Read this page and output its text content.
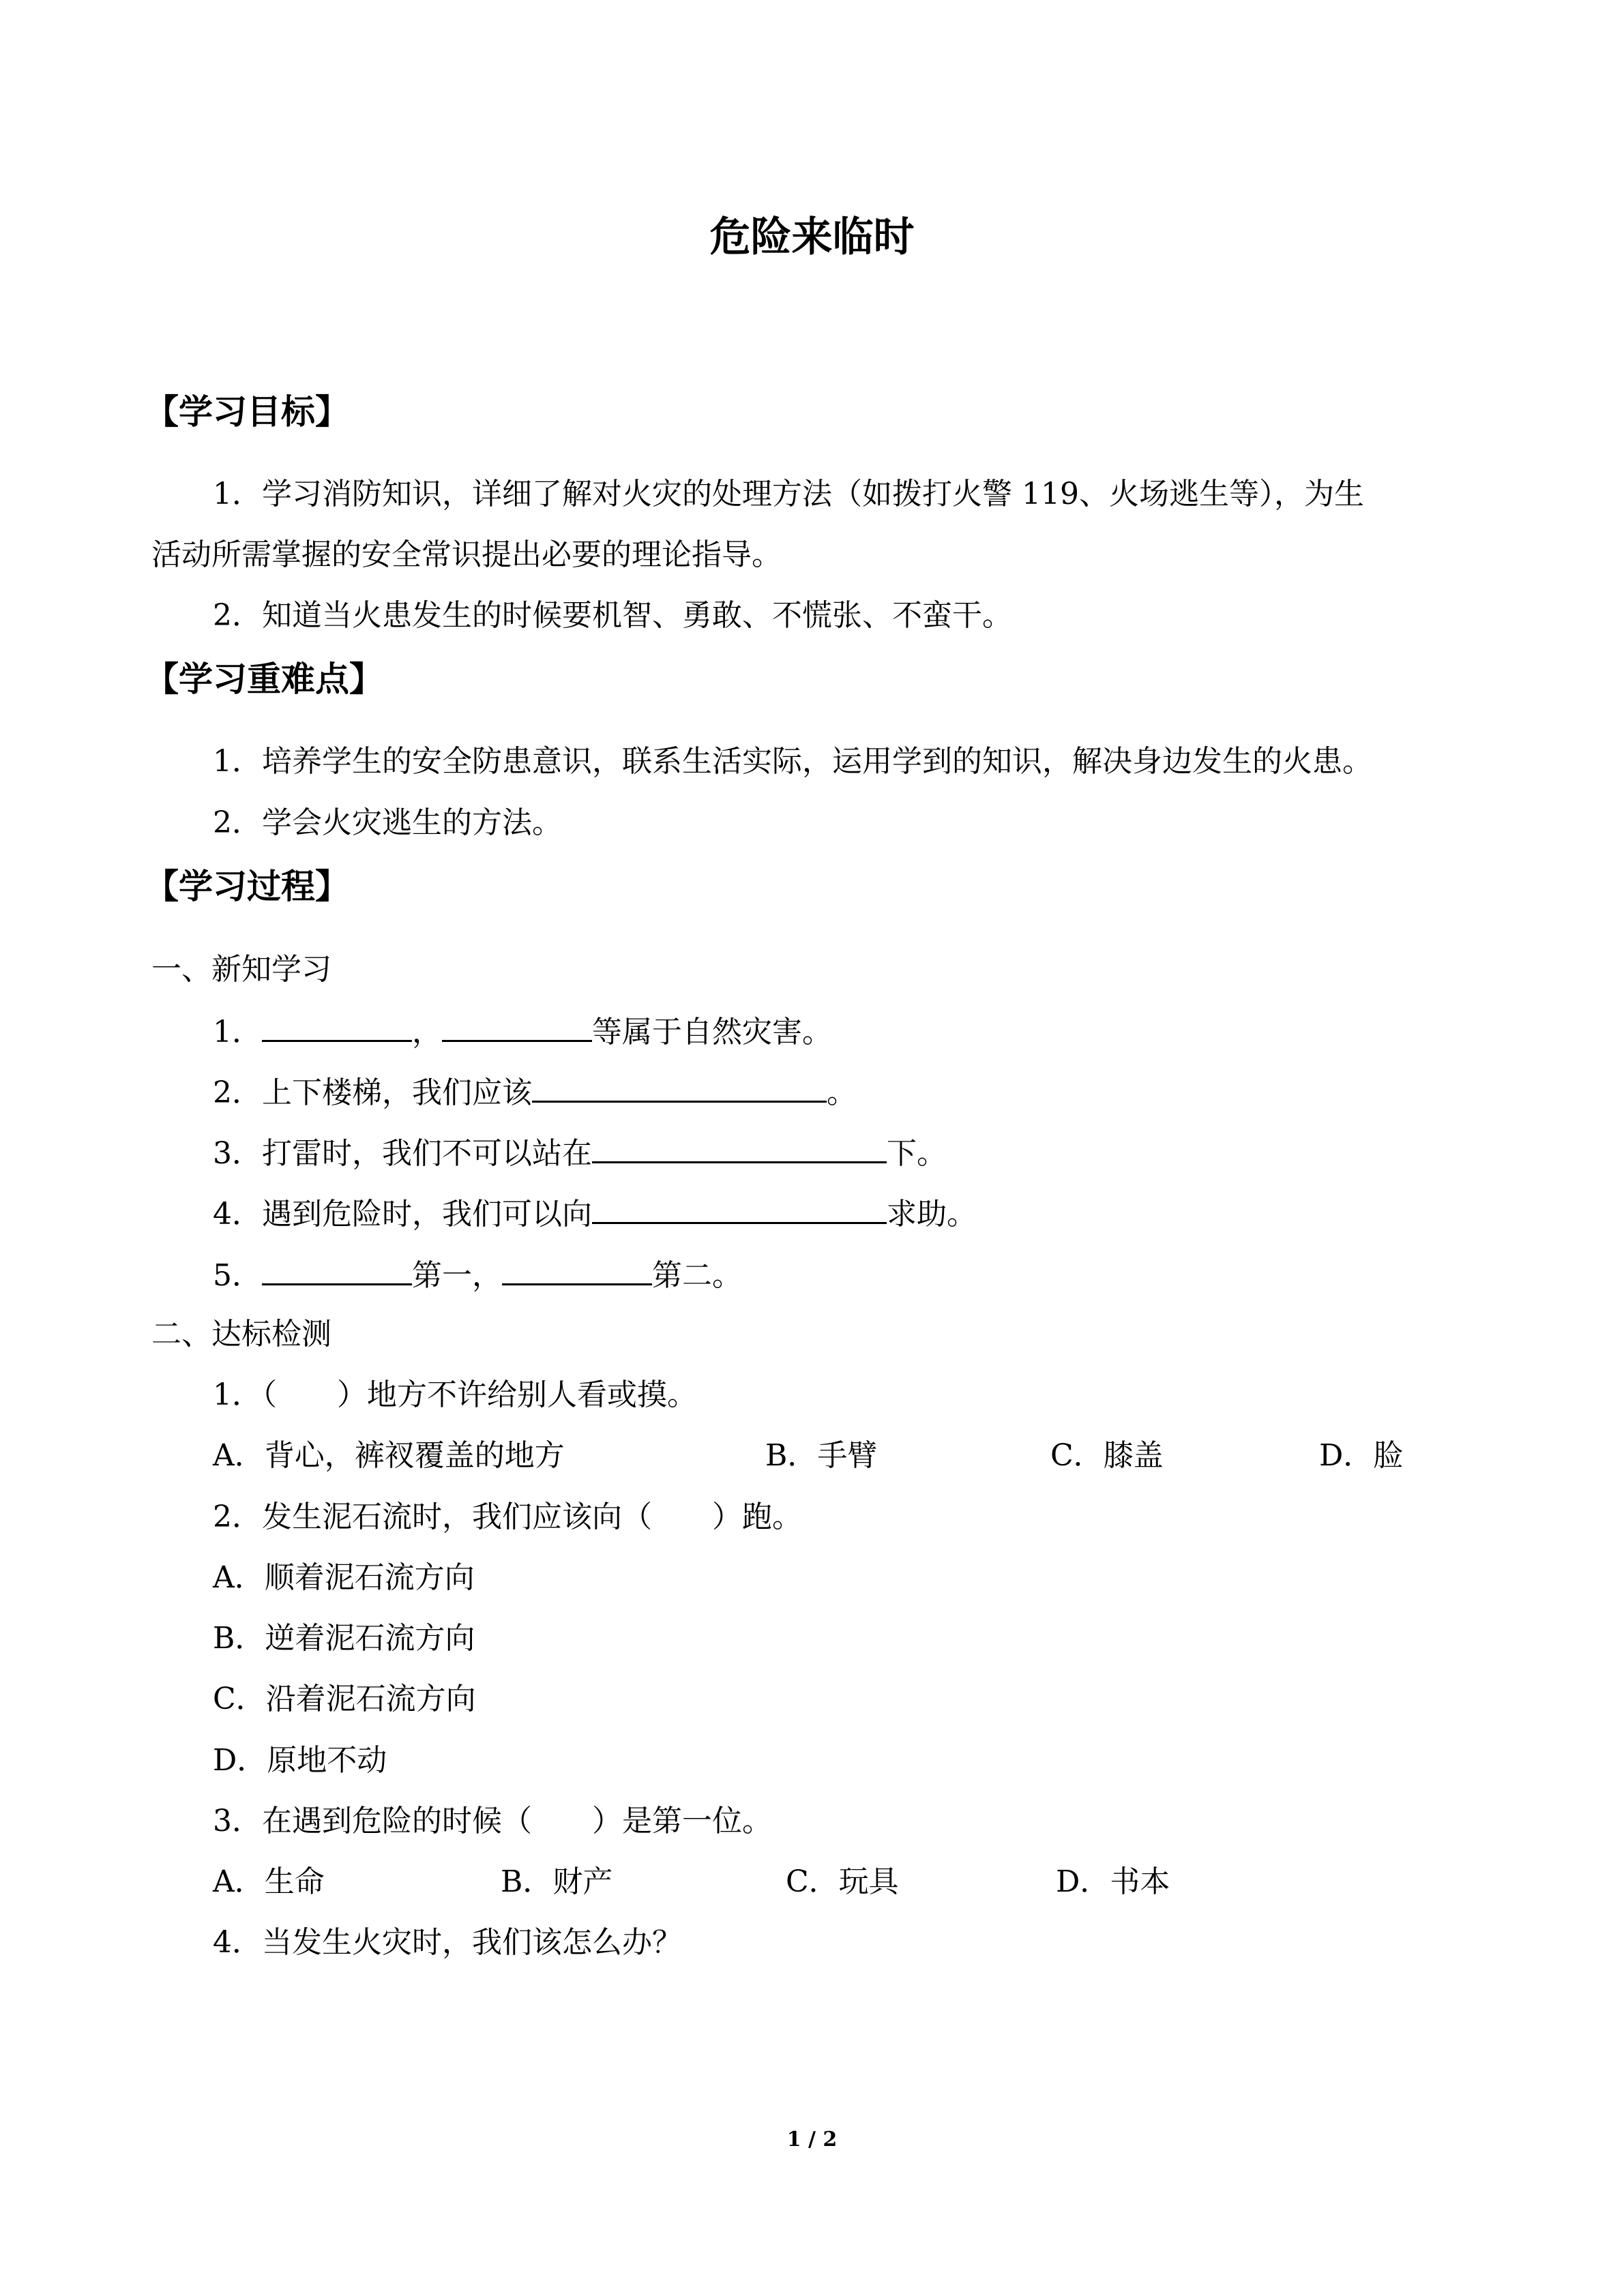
危险来临时
【学习目标】
1．学习消防知识，详细了解对火灾的处理方法（如拨打火警 119、火场逃生等），为生
活动所需掌握的安全常识提出必要的理论指导。
2．知道当火患发生的时候要机智、勇敢、不慌张、不蛮干。
【学习重难点】
1．培养学生的安全防患意识，联系生活实际，运用学到的知识，解决身边发生的火患。
2．学会火灾逃生的方法。
【学习过程】
一、新知学习
1．	，	等属于自然灾害。
2．上下楼梯，我们应该	。
3．打雷时，我们不可以站在	下。
4．遇到危险时，我们可以向	求助。
5．	第一，	第二。
二、达标检测
1．（ ）地方不许给别人看或摸。
A．背心，裤衩覆盖的地方	B．手臂	C．膝盖	D．脸
2．发生泥石流时，我们应该向（ ）跑。
A．顺着泥石流方向
B．逆着泥石流方向
C．沿着泥石流方向
D．原地不动
3．在遇到危险的时候（ ）是第一位。
A．生命	B．财产	C．玩具	D．书本
4．当发生火灾时，我们该怎么办？
1 / 2
